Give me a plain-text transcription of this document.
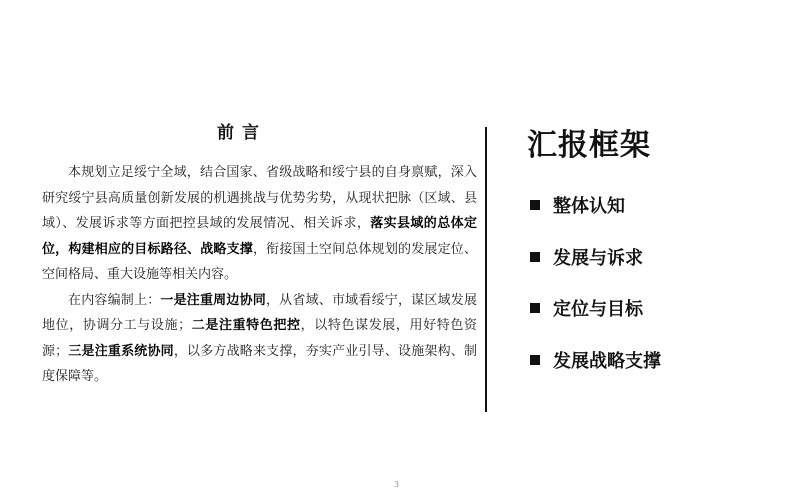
前言

本规划立足绥宁全域，结合国家、省级战略和绥宁县的自身禀赋，深入研究绥宁县高质量创新发展的机遇挑战与优势劣势，从现状把脉（区域、县域）、发展诉求等方面把控县域的发展情况、相关诉求，落实县域的总体定位，构建相应的目标路径、战略支撑，衔接国土空间总体规划的发展定位、空间格局、重大设施等相关内容。

在内容编制上：一是注重周边协同，从省域、市域看绥宁，谋区域发展地位，协调分工与设施；二是注重特色把控，以特色谋发展，用好特色资源；三是注重系统协同，以多方战略来支撑，夯实产业引导、设施架构、制度保障等。

汇报框架
整体认知
发展与诉求
定位与目标
发展战略支撑
3
